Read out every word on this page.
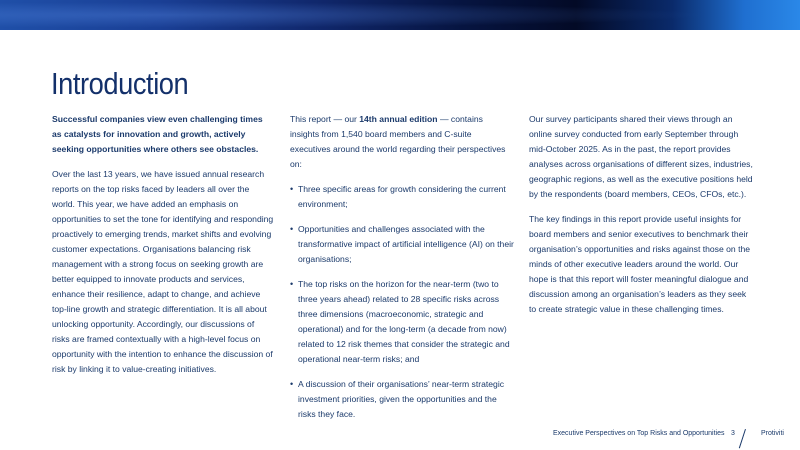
Introduction

Successful companies view even challenging times as catalysts for innovation and growth, actively seeking opportunities where others see obstacles.

Over the last 13 years, we have issued annual research reports on the top risks faced by leaders all over the world. This year, we have added an emphasis on opportunities to set the tone for identifying and responding proactively to emerging trends, market shifts and evolving customer expectations. Organisations balancing risk management with a strong focus on seeking growth are better equipped to innovate products and services, enhance their resilience, adapt to change, and achieve top-line growth and strategic differentiation. It is all about unlocking opportunity. Accordingly, our discussions of risks are framed contextually with a high-level focus on opportunity with the intention to enhance the discussion of risk by linking it to value-creating initiatives.

This report — our 14th annual edition — contains insights from 1,540 board members and C-suite executives around the world regarding their perspectives on:

• Three specific areas for growth considering the current environment;
• Opportunities and challenges associated with the transformative impact of artificial intelligence (AI) on their organisations;
• The top risks on the horizon for the near-term (two to three years ahead) related to 28 specific risks across three dimensions (macroeconomic, strategic and operational) and for the long-term (a decade from now) related to 12 risk themes that consider the strategic and operational near-term risks; and
• A discussion of their organisations’ near-term strategic investment priorities, given the opportunities and the risks they face.

Our survey participants shared their views through an online survey conducted from early September through mid-October 2025. As in the past, the report provides analyses across organisations of different sizes, industries, geographic regions, as well as the executive positions held by the respondents (board members, CEOs, CFOs, etc.).

The key findings in this report provide useful insights for board members and senior executives to benchmark their organisation’s opportunities and risks against those on the minds of other executive leaders around the world. Our hope is that this report will foster meaningful dialogue and discussion among an organisation’s leaders as they seek to create strategic value in these challenging times.

Executive Perspectives on Top Risks and Opportunities 3	Protiviti
